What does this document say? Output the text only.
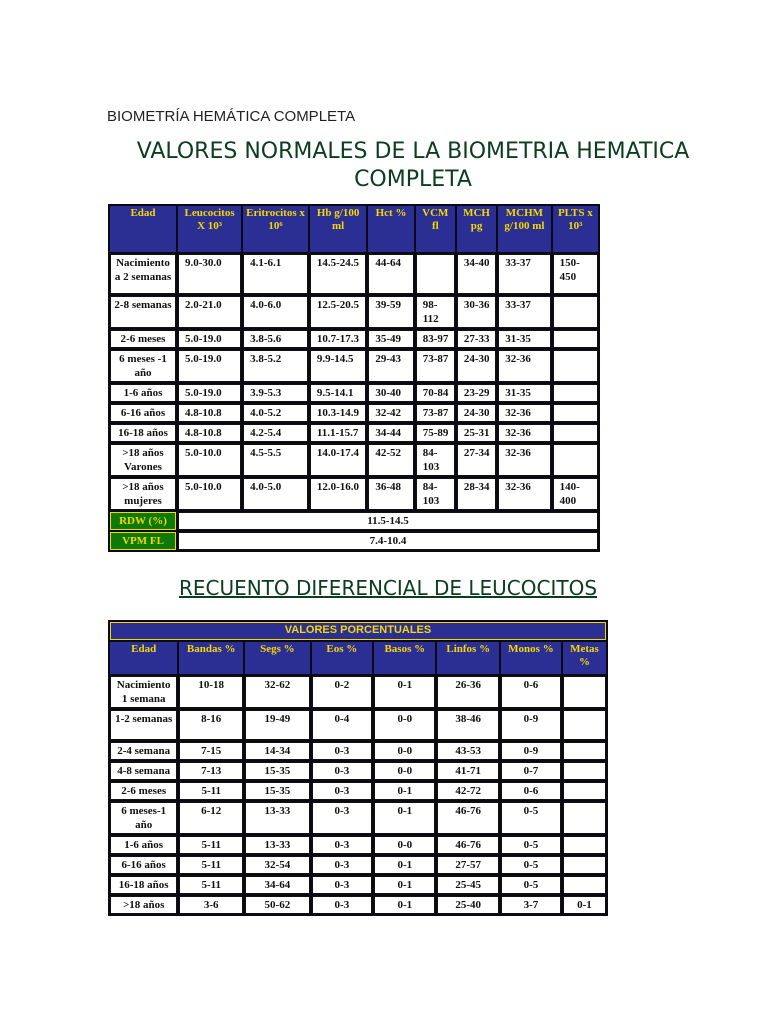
BIOMETRÍA HEMÁTICA COMPLETA
VALORES NORMALES DE LA BIOMETRIA HEMATICA COMPLETA
Edad	Leucocitos X 10³	Eritrocitos x 10⁶	Hb g/100 ml	Hct %	VCM fl	MCH pg	MCHM g/100 ml	PLTS x 10³
Nacimiento a 2 semanas	9.0-30.0	4.1-6.1	14.5-24.5	44-64		34-40	33-37	150-450
2-8 semanas	2.0-21.0	4.0-6.0	12.5-20.5	39-59	98-112	30-36	33-37	
2-6 meses	5.0-19.0	3.8-5.6	10.7-17.3	35-49	83-97	27-33	31-35	
6 meses -1 año	5.0-19.0	3.8-5.2	9.9-14.5	29-43	73-87	24-30	32-36	
1-6 años	5.0-19.0	3.9-5.3	9.5-14.1	30-40	70-84	23-29	31-35	
6-16 años	4.8-10.8	4.0-5.2	10.3-14.9	32-42	73-87	24-30	32-36	
16-18 años	4.8-10.8	4.2-5.4	11.1-15.7	34-44	75-89	25-31	32-36	
>18 años Varones	5.0-10.0	4.5-5.5	14.0-17.4	42-52	84-103	27-34	32-36	
>18 años mujeres	5.0-10.0	4.0-5.0	12.0-16.0	36-48	84-103	28-34	32-36	140-400
RDW (%)	11.5-14.5							
VPM FL	7.4-10.4							
RECUENTO DIFERENCIAL DE LEUCOCITOS
VALORES PORCENTUALES							
Edad	Bandas %	Segs %	Eos %	Basos %	Linfos %	Monos %	Metas %
Nacimiento 1 semana	10-18	32-62	0-2	0-1	26-36	0-6	
1-2 semanas	8-16	19-49	0-4	0-0	38-46	0-9	
2-4 semana	7-15	14-34	0-3	0-0	43-53	0-9	
4-8 semana	7-13	15-35	0-3	0-0	41-71	0-7	
2-6 meses	5-11	15-35	0-3	0-1	42-72	0-6	
6 meses-1 año	6-12	13-33	0-3	0-1	46-76	0-5	
1-6 años	5-11	13-33	0-3	0-0	46-76	0-5	
6-16 años	5-11	32-54	0-3	0-1	27-57	0-5	
16-18 años	5-11	34-64	0-3	0-1	25-45	0-5	
>18 años	3-6	50-62	0-3	0-1	25-40	3-7	0-1
